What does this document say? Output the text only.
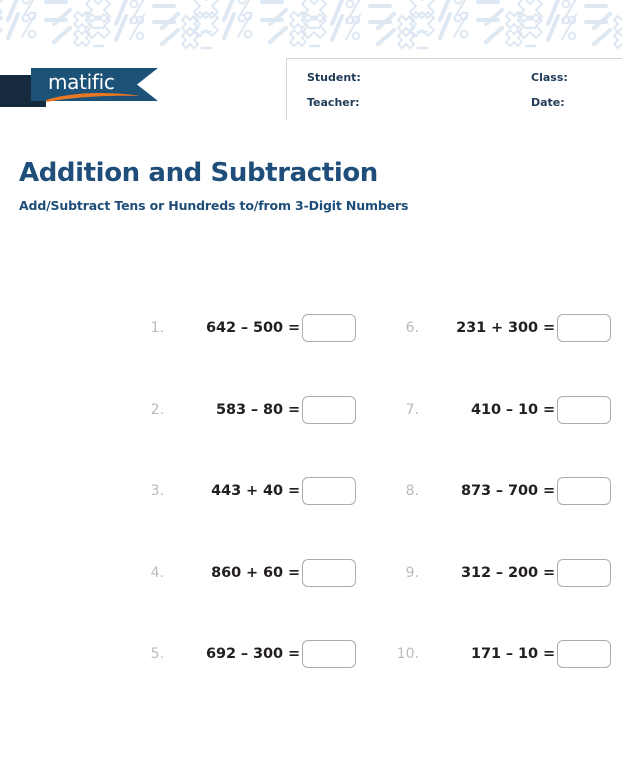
matific	Student:	Class:
Teacher:	Date:
Addition and Subtraction
Add/Subtract Tens or Hundreds to/from 3-Digit Numbers
1.	642 – 500 =
2.	583 – 80 =
3.	443 + 40 =
4.	860 + 60 =
5.	692 – 300 =
6.	231 + 300 =
7.	410 – 10 =
8.	873 – 700 =
9.	312 – 200 =
10.	171 – 10 =
